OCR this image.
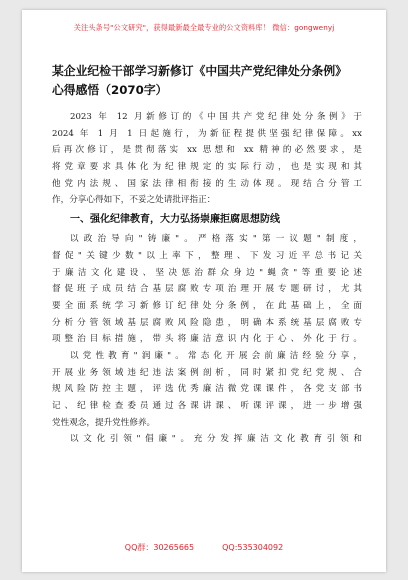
关注头条号"公文研究"，获得最新最全最专业的公文资料库！ 微信：gongwenyj
某企业纪检干部学习新修订《中国共产党纪律处分条例》
心得感悟（2070字）
2023 年 12 月新修订的《中国共产党纪律处分条例》于
2024 年 1 月 1 日起施行，为新征程提供坚强纪律保障。xx
后再次修订，是贯彻落实 xx 思想和 xx 精神的必然要求，是
将党章要求具体化为纪律规定的实际行动，也是实现和其
他党内法规、国家法律相衔接的生动体现。现结合分管工
作，分享心得如下，不妥之处请批评指正：
一、强化纪律教育，大力弘扬崇廉拒腐思想防线
以政治导向"铸廉"。严格落实"第一议题"制度，
督促"关键少数"以上率下，整理、下发习近平总书记关
于廉洁文化建设、坚决惩治群众身边"蝇贪"等重要论述
督促班子成员结合基层腐败专项治理开展专题研讨，尤其
要全面系统学习新修订纪律处分条例，在此基础上，全面
分析分管领域基层腐败风险隐患，明确本系统基层腐败专
项整治目标措施，带头将廉洁意识内化于心、外化于行。
以党性教育"润廉"。常态化开展会前廉洁经验分享，
开展业务领域违纪违法案例剖析，同时紧扣党纪党规、合
规风险防控主题，评选优秀廉洁微党课课件，各党支部书
记、纪律检查委员通过各课讲课、听课评课，进一步增强
党性观念，提升党性修养。
以文化引领"倡廉"。充分发挥廉洁文化教育引领和
QQ群：30265665	QQ:535304092
